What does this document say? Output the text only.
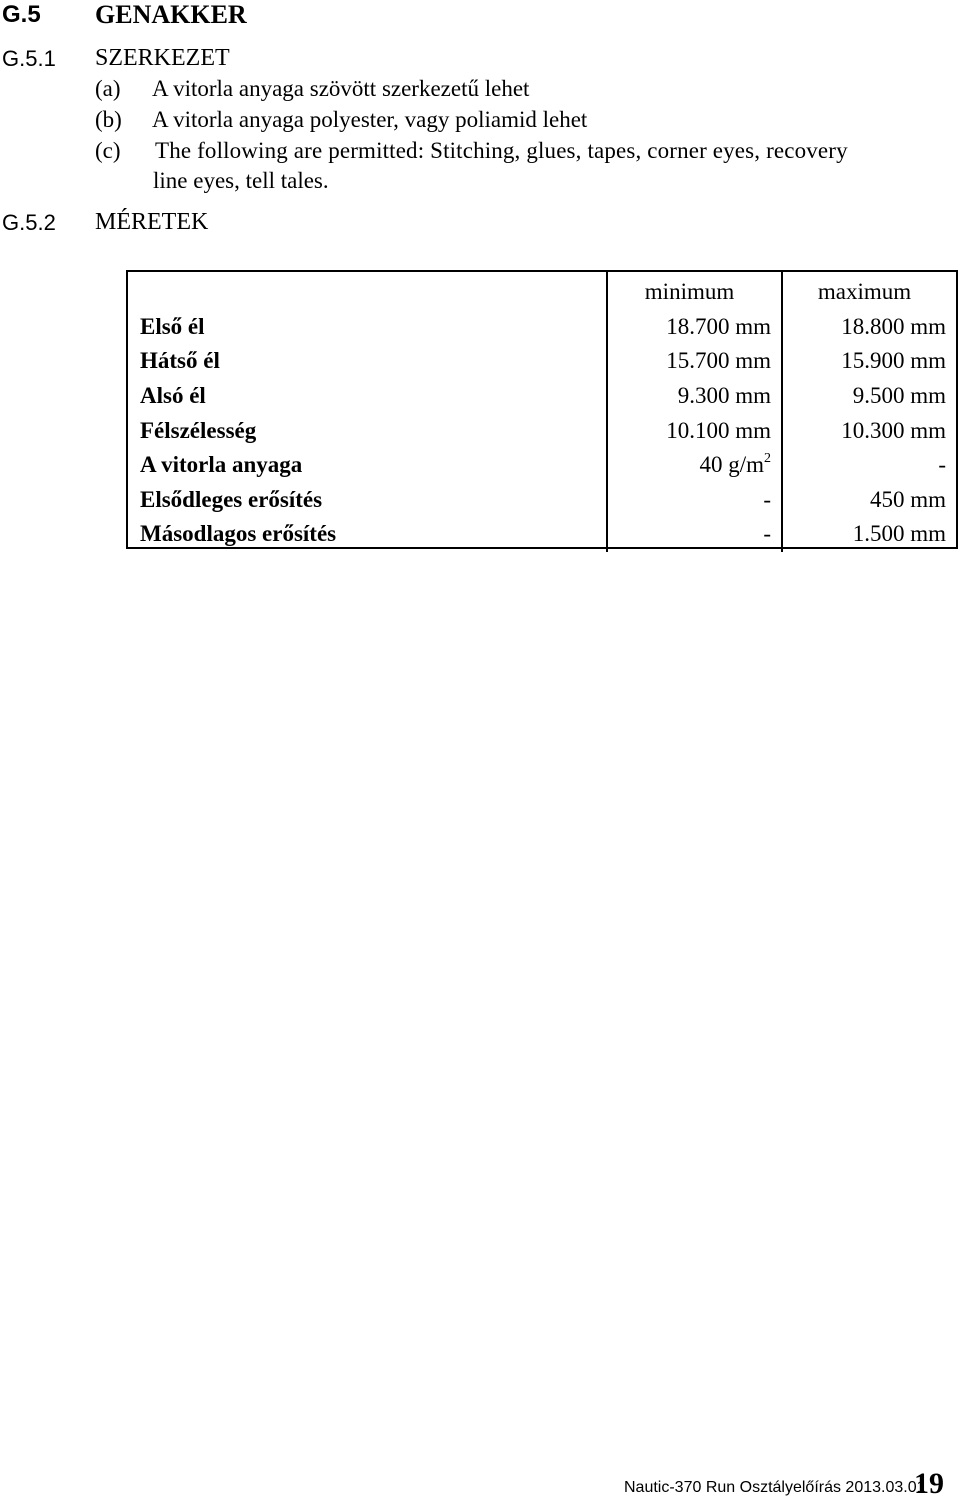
G.5 GENAKKER
G.5.1 SZERKEZET
(a) A vitorla anyaga szövött szerkezetű lehet
(b) A vitorla anyaga polyester, vagy poliamid lehet
(c) The following are permitted: Stitching, glues, tapes, corner eyes, recovery
line eyes, tell tales.
G.5.2 MÉRETEK
	minimum	maximum
Első él	18.700 mm	18.800 mm
Hátső él	15.700 mm	15.900 mm
Alsó él	9.300 mm	9.500 mm
Félszélesség	10.100 mm	10.300 mm
A vitorla anyaga	40 $g/m^2$	-
Elsődleges erősítés	-	450 mm
Másodlagos erősítés	-	1.500 mm
Nautic-370 Run Osztályelőírás 2013.03.01
19
